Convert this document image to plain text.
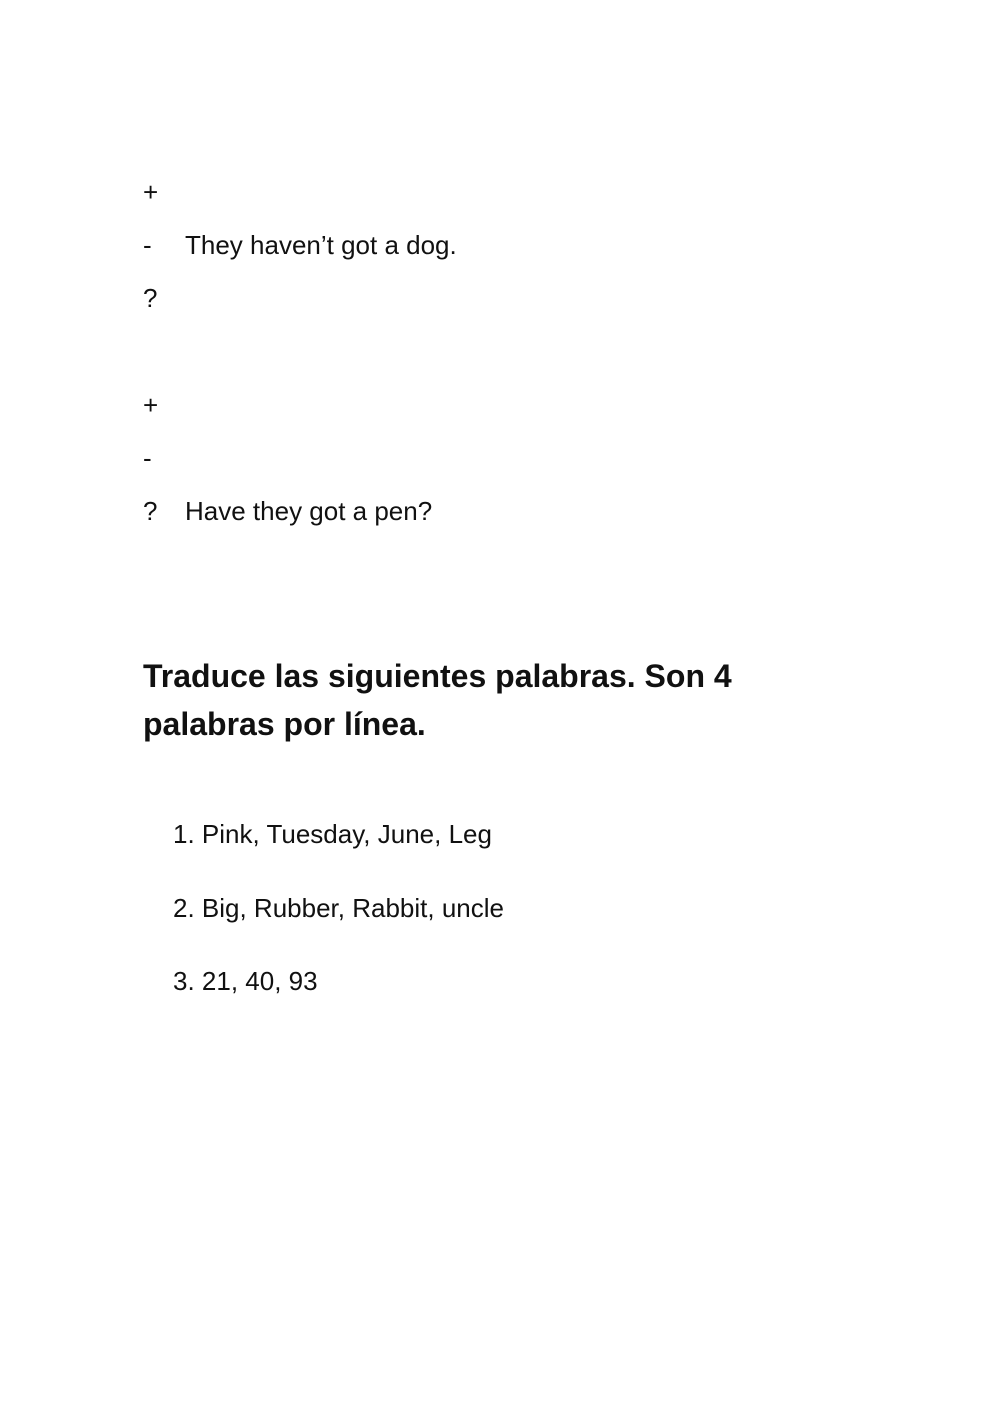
+
-	They haven’t got a dog.
?
+
-
?	Have they got a pen?
Traduce las siguientes palabras. Son 4 palabras por línea.
1. Pink, Tuesday, June, Leg
2. Big, Rubber, Rabbit, uncle
3. 21, 40, 93
